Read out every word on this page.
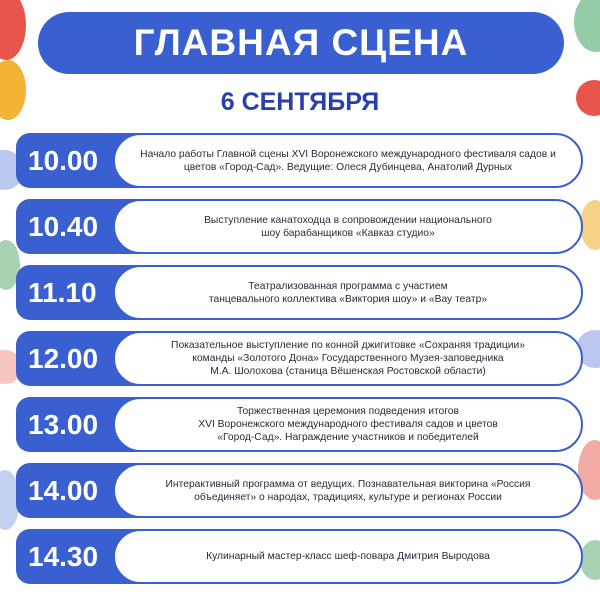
ГЛАВНАЯ СЦЕНА
6 СЕНТЯБРЯ
10.00	Начало работы Главной сцены XVI Воронежского международного фестиваля садов и
цветов «Город-Сад». Ведущие: Олеся Дубинцева, Анатолий Дурных
10.40	Выступление канатоходца в сопровождении национального
шоу барабанщиков «Кавказ студио»
11.10	Театрализованная программа с участием
танцевального коллектива «Виктория шоу» и «Вау театр»
12.00	Показательное выступление по конной джигитовке «Сохраняя традиции»
команды «Золотого Дона» Государственного Музея-заповедника
М.А. Шолохова (станица Вёшенская Ростовской области)
13.00	Торжественная церемония подведения итогов
XVI Воронежского международного фестиваля садов и цветов
«Город-Сад». Награждение участников и победителей
14.00	Интерактивный программа от ведущих. Познавательная викторина «Россия
объединяет» о народах, традициях, культуре и регионах России
14.30	Кулинарный мастер-класс шеф-повара Дмитрия Выродова
